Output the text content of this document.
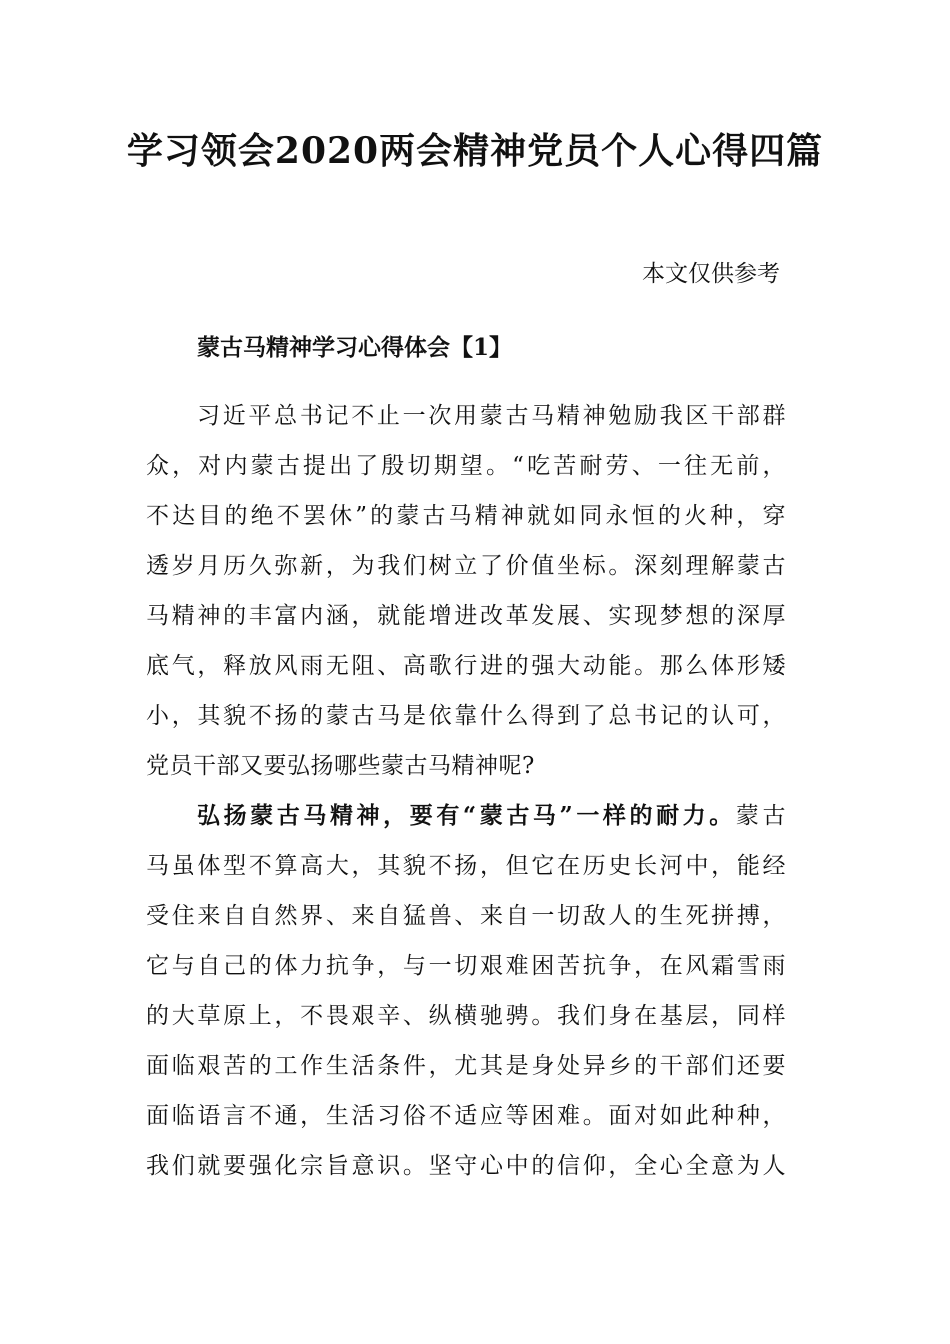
学习领会2020两会精神党员个人心得四篇
本文仅供参考
蒙古马精神学习心得体会【1】
习近平总书记不止一次用蒙古马精神勉励我区干部群
众，对内蒙古提出了殷切期望。“吃苦耐劳、一往无前，
不达目的绝不罢休”的蒙古马精神就如同永恒的火种，穿
透岁月历久弥新，为我们树立了价值坐标。深刻理解蒙古
马精神的丰富内涵，就能增进改革发展、实现梦想的深厚
底气，释放风雨无阻、高歌行进的强大动能。那么体形矮
小，其貌不扬的蒙古马是依靠什么得到了总书记的认可，
党员干部又要弘扬哪些蒙古马精神呢?
弘扬蒙古马精神，要有“蒙古马”一样的耐力。蒙古
马虽体型不算高大，其貌不扬，但它在历史长河中，能经
受住来自自然界、来自猛兽、来自一切敌人的生死拼搏，
它与自己的体力抗争，与一切艰难困苦抗争，在风霜雪雨
的大草原上，不畏艰辛、纵横驰骋。我们身在基层，同样
面临艰苦的工作生活条件，尤其是身处异乡的干部们还要
面临语言不通，生活习俗不适应等困难。面对如此种种，
我们就要强化宗旨意识。坚守心中的信仰，全心全意为人
